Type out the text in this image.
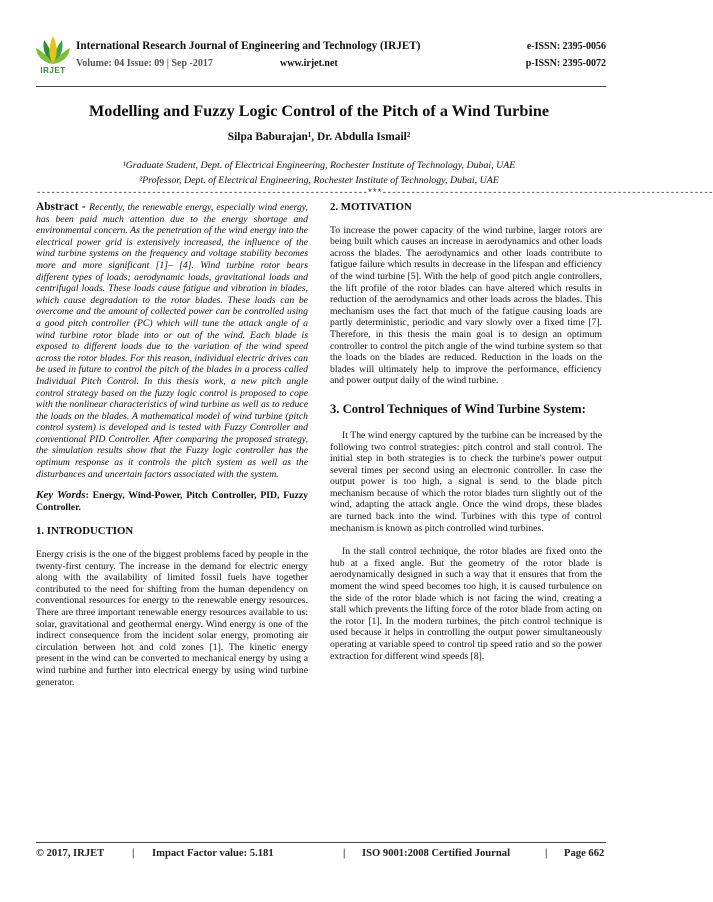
IRJET
International Research Journal of Engineering and Technology (IRJET)	e-ISSN: 2395-0056
Volume: 04 Issue: 09 | Sep -2017	www.irjet.net	p-ISSN: 2395-0072
Modelling and Fuzzy Logic Control of the Pitch of a Wind Turbine
Silpa Baburajan¹, Dr. Abdulla Ismail²
¹Graduate Student, Dept. of Electrical Engineering, Rochester Institute of Technology, Dubai, UAE
²Professor, Dept. of Electrical Engineering, Rochester Institute of Technology, Dubai, UAE
---------------------------------------------------------------------***---------------------------------------------------------------------

Abstract - Recently, the renewable energy, especially wind energy, has been paid much attention due to the energy shortage and environmental concern. As the penetration of the wind energy into the electrical power grid is extensively increased, the influence of the wind turbine systems on the frequency and voltage stability becomes more and more significant [1]– [4]. Wind turbine rotor bears different types of loads; aerodynamic loads, gravitational loads and centrifugal loads. These loads cause fatigue and vibration in blades, which cause degradation to the rotor blades. These loads can be overcome and the amount of collected power can be controlled using a good pitch controller (PC) which will tune the attack angle of a wind turbine rotor blade into or out of the wind. Each blade is exposed to different loads due to the variation of the wind speed across the rotor blades. For this reason, individual electric drives can be used in future to control the pitch of the blades in a process called Individual Pitch Control. In this thesis work, a new pitch angle control strategy based on the fuzzy logic control is proposed to cope with the nonlinear characteristics of wind turbine as well as to reduce the loads on the blades. A mathematical model of wind turbine (pitch control system) is developed and is tested with Fuzzy Controller and conventional PID Controller. After comparing the proposed strategy, the simulation results show that the Fuzzy logic controller has the optimum response as it controls the pitch system as well as the disturbances and uncertain factors associated with the system.

Key Words: Energy, Wind-Power, Pitch Controller, PID, Fuzzy Controller.

1. INTRODUCTION

Energy crisis is the one of the biggest problems faced by people in the twenty-first century. The increase in the demand for electric energy along with the availability of limited fossil fuels have together contributed to the need for shifting from the human dependency on conventional resources for energy to the renewable energy resources. There are three important renewable energy resources available to us: solar, gravitational and geothermal energy. Wind energy is one of the indirect consequence from the incident solar energy, promoting air circulation between hot and cold zones [1]. The kinetic energy present in the wind can be converted to mechanical energy by using a wind turbine and further into electrical energy by using wind turbine generator.

2. MOTIVATION

To increase the power capacity of the wind turbine, larger rotors are being built which causes an increase in aerodynamics and other loads across the blades. The aerodynamics and other loads contribute to fatigue failure which results in decrease in the lifespan and efficiency of the wind turbine [5]. With the help of good pitch angle controllers, the lift profile of the rotor blades can have altered which results in reduction of the aerodynamics and other loads across the blades. This mechanism uses the fact that much of the fatigue causing loads are partly deterministic, periodic and vary slowly over a fixed time [7]. Therefore, in this thesis the main goal is to design an optimum controller to control the pitch angle of the wind turbine system so that the loads on the blades are reduced. Reduction in the loads on the blades will ultimately help to improve the performance, efficiency and power output daily of the wind turbine.

3. Control Techniques of Wind Turbine System:

It The wind energy captured by the turbine can be increased by the following two control strategies: pitch control and stall control. The initial step in both strategies is to check the turbine's power output several times per second using an electronic controller. In case the output power is too high, a signal is send to the blade pitch mechanism because of which the rotor blades turn slightly out of the wind, adapting the attack angle. Once the wind drops, these blades are turned back into the wind. Turbines with this type of control mechanism is known as pitch controlled wind turbines.

In the stall control technique, the rotor blades are fixed onto the hub at a fixed angle. But the geometry of the rotor blade is aerodynamically designed in such a way that it ensures that from the moment the wind speed becomes too high, it is caused turbulence on the side of the rotor blade which is not facing the wind, creating a stall which prevents the lifting force of the rotor blade from acting on the rotor [1]. In the modern turbines, the pitch control technique is used because it helps in controlling the output power simultaneously operating at variable speed to control tip speed ratio and so the power extraction for different wind speeds [8].

© 2017, IRJET	| Impact Factor value: 5.181	| ISO 9001:2008 Certified Journal	| Page 662
